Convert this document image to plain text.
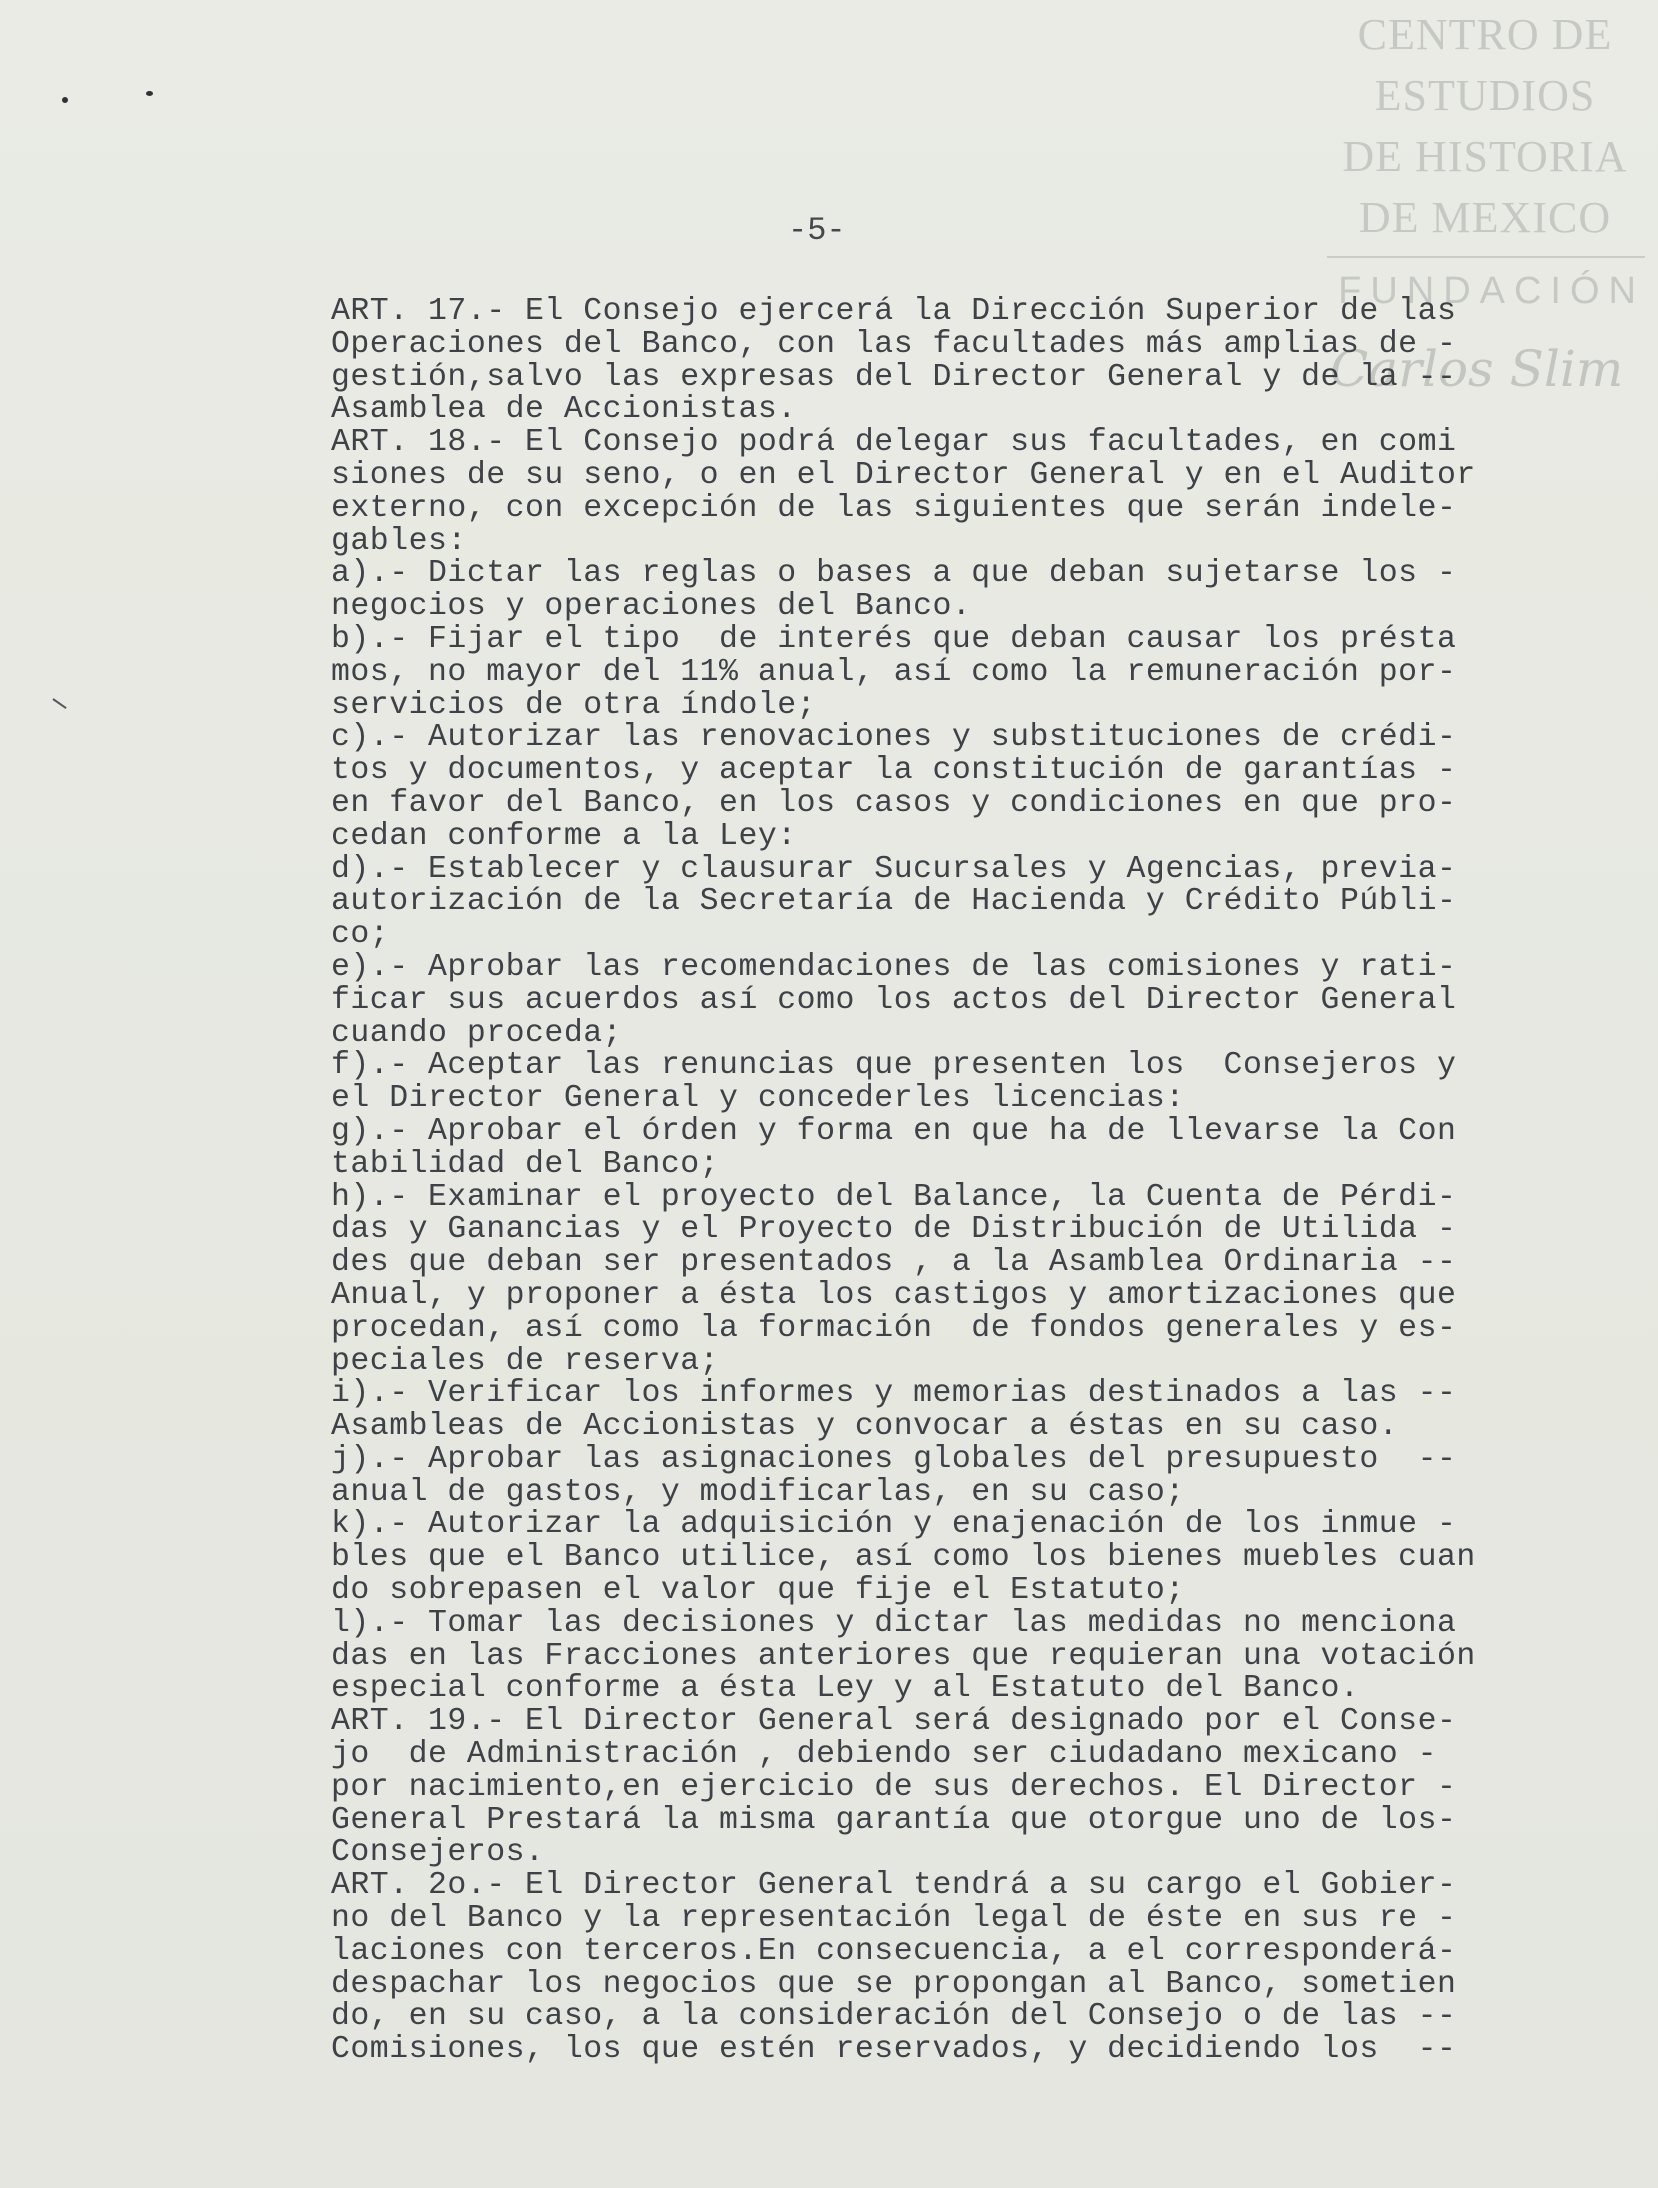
CENTRO DE
ESTUDIOS
DE HISTORIA
DE MEXICO
FUNDACIÓN
Carlos Slim
-5-
ART. 17.- El Consejo ejercerá la Dirección Superior de las
Operaciones del Banco, con las facultades más amplias de -
gestión,salvo las expresas del Director General y de la --
Asamblea de Accionistas.
ART. 18.- El Consejo podrá delegar sus facultades, en comi
siones de su seno, o en el Director General y en el Auditor
externo, con excepción de las siguientes que serán indele-
gables:
a).- Dictar las reglas o bases a que deban sujetarse los -
negocios y operaciones del Banco.
b).- Fijar el tipo  de interés que deban causar los présta
mos, no mayor del 11% anual, así como la remuneración por-
servicios de otra índole;
c).- Autorizar las renovaciones y substituciones de crédi-
tos y documentos, y aceptar la constitución de garantías -
en favor del Banco, en los casos y condiciones en que pro-
cedan conforme a la Ley:
d).- Establecer y clausurar Sucursales y Agencias, previa-
autorización de la Secretaría de Hacienda y Crédito Públi-
co;
e).- Aprobar las recomendaciones de las comisiones y rati-
ficar sus acuerdos así como los actos del Director General
cuando proceda;
f).- Aceptar las renuncias que presenten los  Consejeros y
el Director General y concederles licencias:
g).- Aprobar el órden y forma en que ha de llevarse la Con
tabilidad del Banco;
h).- Examinar el proyecto del Balance, la Cuenta de Pérdi-
das y Ganancias y el Proyecto de Distribución de Utilida -
des que deban ser presentados , a la Asamblea Ordinaria --
Anual, y proponer a ésta los castigos y amortizaciones que
procedan, así como la formación  de fondos generales y es-
peciales de reserva;
i).- Verificar los informes y memorias destinados a las --
Asambleas de Accionistas y convocar a éstas en su caso.
j).- Aprobar las asignaciones globales del presupuesto  --
anual de gastos, y modificarlas, en su caso;
k).- Autorizar la adquisición y enajenación de los inmue -
bles que el Banco utilice, así como los bienes muebles cuan
do sobrepasen el valor que fije el Estatuto;
l).- Tomar las decisiones y dictar las medidas no menciona
das en las Fracciones anteriores que requieran una votación
especial conforme a ésta Ley y al Estatuto del Banco.
ART. 19.- El Director General será designado por el Conse-
jo  de Administración , debiendo ser ciudadano mexicano -
por nacimiento,en ejercicio de sus derechos. El Director -
General Prestará la misma garantía que otorgue uno de los-
Consejeros.
ART. 2o.- El Director General tendrá a su cargo el Gobier-
no del Banco y la representación legal de éste en sus re -
laciones con terceros.En consecuencia, a el corresponderá-
despachar los negocios que se propongan al Banco, sometien
do, en su caso, a la consideración del Consejo o de las --
Comisiones, los que estén reservados, y decidiendo los  --
